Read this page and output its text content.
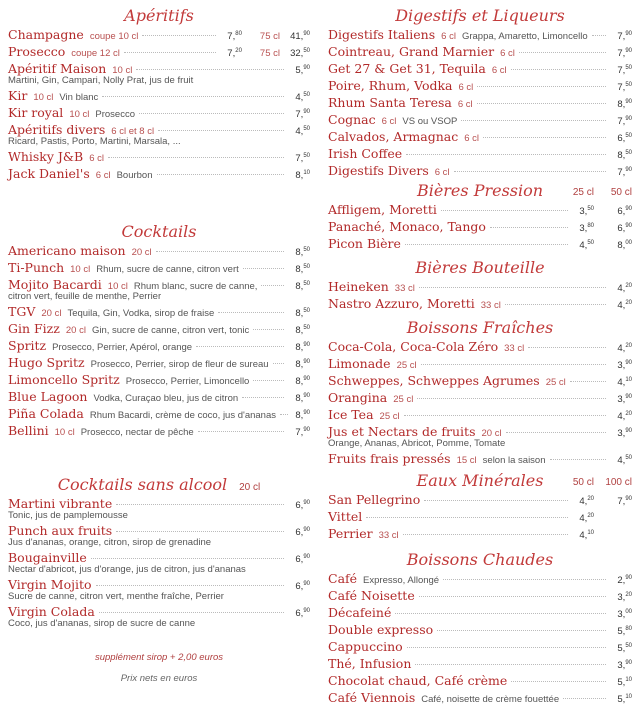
Apéritifs
Champagne coupe 10 cl	7,80 75 cl 41,90
Prosecco coupe 12 cl	7,20 75 cl 32,50
Apéritif Maison 10 cl	5,90
Martini, Gin, Campari, Nolly Prat, jus de fruit
Kir 10 cl Vin blanc	4,50
Kir royal 10 cl Prosecco	7,90
Apéritifs divers 6 cl et 8 cl	4,50
Ricard, Pastis, Porto, Martini, Marsala, ...
Whisky J&B 6 cl	7,50
Jack Daniel's 6 cl Bourbon	8,10
Cocktails
Americano maison 20 cl	8,50
Ti-Punch 10 cl Rhum, sucre de canne, citron vert	8,50
Mojito Bacardi 10 cl Rhum blanc, sucre de canne,	8,50
citron vert, feuille de menthe, Perrier
TGV 20 cl Tequila, Gin, Vodka, sirop de fraise	8,50
Gin Fizz 20 cl Gin, sucre de canne, citron vert, tonic	8,50
Spritz Prosecco, Perrier, Apérol, orange	8,90
Hugo Spritz Prosecco, Perrier, sirop de fleur de sureau	8,90
Limoncello Spritz Prosecco, Perrier, Limoncello	8,90
Blue Lagoon Vodka, Curaçao bleu, jus de citron	8,90
Piña Colada Rhum Bacardi, crème de coco, jus d'ananas	8,90
Bellini 10 cl Prosecco, nectar de pêche	7,90
Cocktails sans alcool 20 cl
Martini vibrante	6,90
Tonic, jus de pamplemousse
Punch aux fruits	6,90
Jus d'ananas, orange, citron, sirop de grenadine
Bougainville	6,90
Nectar d'abricot, jus d'orange, jus de citron, jus d'ananas
Virgin Mojito	6,90
Sucre de canne, citron vert, menthe fraîche, Perrier
Virgin Colada	6,90
Coco, jus d'ananas, sirop de sucre de canne
supplément sirop + 2,00 euros
Prix nets en euros
Digestifs et Liqueurs
Digestifs Italiens 6 cl Grappa, Amaretto, Limoncello	7,90
Cointreau, Grand Marnier 6 cl	7,90
Get 27 & Get 31, Tequila 6 cl	7,50
Poire, Rhum, Vodka 6 cl	7,50
Rhum Santa Teresa 6 cl	8,90
Cognac 6 cl VS ou VSOP	7,90
Calvados, Armagnac 6 cl	6,50
Irish Coffee	8,50
Digestifs Divers 6 cl	7,90
Bières Pression	25 cl 50 cl
Affligem, Moretti	3,50	6,90
Panaché, Monaco, Tango	3,80	6,90
Picon Bière	4,50	8,00
Bières Bouteille
Heineken 33 cl	4,20
Nastro Azzuro, Moretti 33 cl	4,20
Boissons Fraîches
Coca-Cola, Coca-Cola Zéro 33 cl	4,20
Limonade 25 cl	3,90
Schweppes, Schweppes Agrumes 25 cl	4,10
Orangina 25 cl	3,90
Ice Tea 25 cl	4,20
Jus et Nectars de fruits 20 cl	3,90
Orange, Ananas, Abricot, Pomme, Tomate
Fruits frais pressés 15 cl selon la saison	4,50
Eaux Minérales	50 cl 100 cl
San Pellegrino	4,20	7,90
Vittel	4,20
Perrier 33 cl	4,10
Boissons Chaudes
Café Expresso, Allongé	2,90
Café Noisette	3,20
Décafeiné	3,00
Double expresso	5,80
Cappuccino	5,50
Thé, Infusion	3,90
Chocolat chaud, Café crème	5,10
Café Viennois Café, noisette de crème fouettée	5,10
